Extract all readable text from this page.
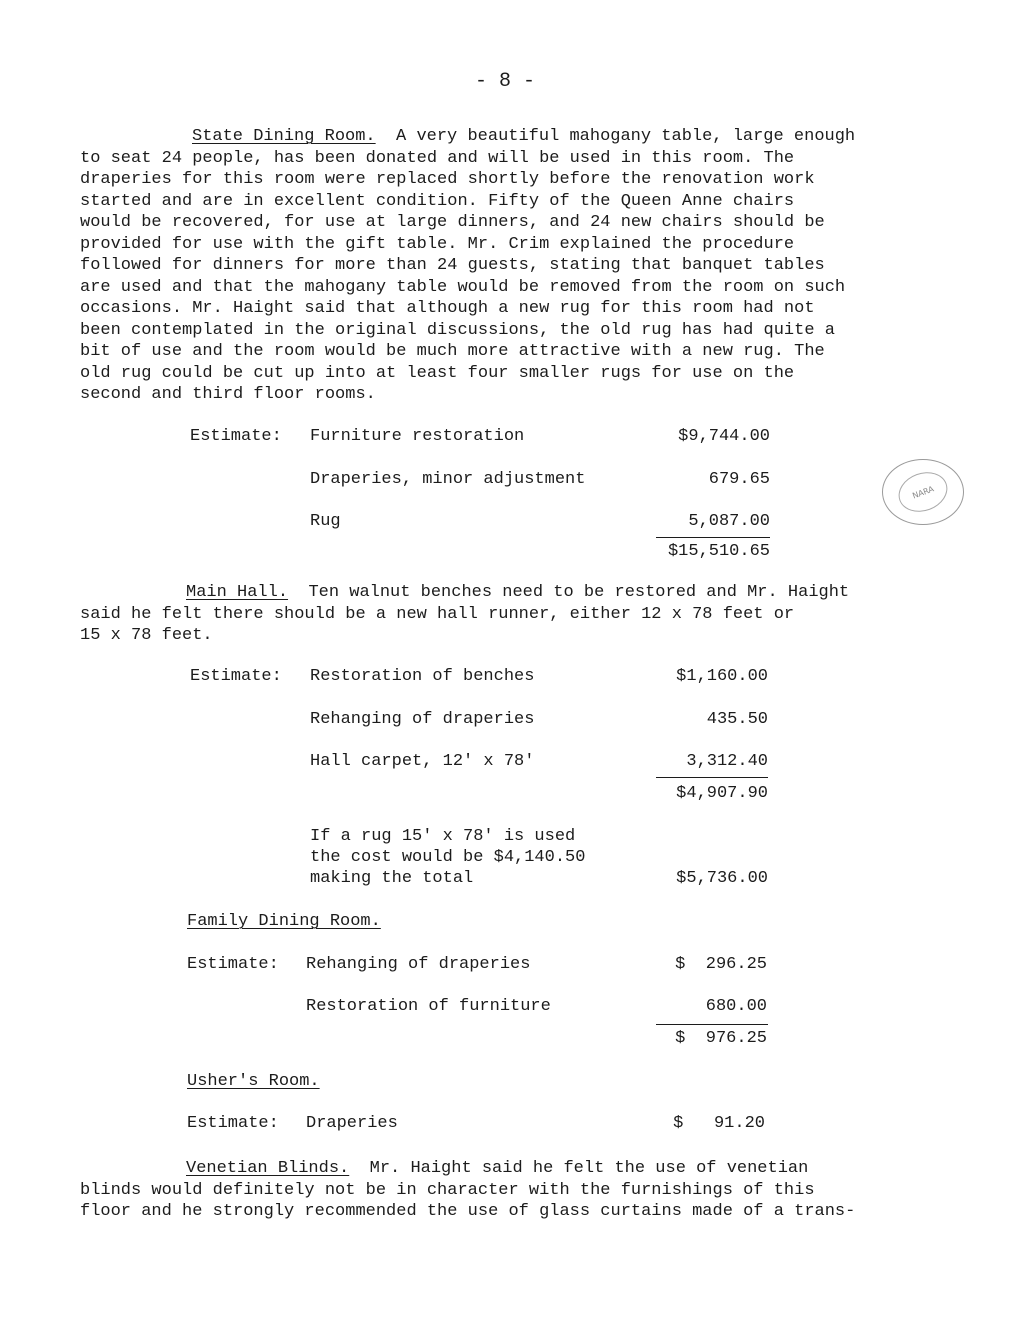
- 8 -
State Dining Room. A very beautiful mahogany table, large enough
to seat 24 people, has been donated and will be used in this room. The
draperies for this room were replaced shortly before the renovation work
started and are in excellent condition. Fifty of the Queen Anne chairs
would be recovered, for use at large dinners, and 24 new chairs should be
provided for use with the gift table. Mr. Crim explained the procedure
followed for dinners for more than 24 guests, stating that banquet tables
are used and that the mahogany table would be removed from the room on such
occasions. Mr. Haight said that although a new rug for this room had not
been contemplated in the original discussions, the old rug has had quite a
bit of use and the room would be much more attractive with a new rug. The
old rug could be cut up into at least four smaller rugs for use on the
second and third floor rooms.
Estimate: Furniture restoration	$9,744.00
Draperies, minor adjustment	679.65
Rug	5,087.00
$15,510.65
Main Hall. Ten walnut benches need to be restored and Mr. Haight
said he felt there should be a new hall runner, either 12 x 78 feet or
15 x 78 feet.
Estimate: Restoration of benches	$1,160.00
Rehanging of draperies	435.50
Hall carpet, 12' x 78'	3,312.40
$4,907.90
If a rug 15' x 78' is used
the cost would be $4,140.50
making the total	$5,736.00
Family Dining Room.
Estimate: Rehanging of draperies	$  296.25
Restoration of furniture	680.00
$  976.25
Usher's Room.
Estimate: Draperies	$   91.20
Venetian Blinds. Mr. Haight said he felt the use of venetian
blinds would definitely not be in character with the furnishings of this
floor and he strongly recommended the use of glass curtains made of a trans-
NARA
